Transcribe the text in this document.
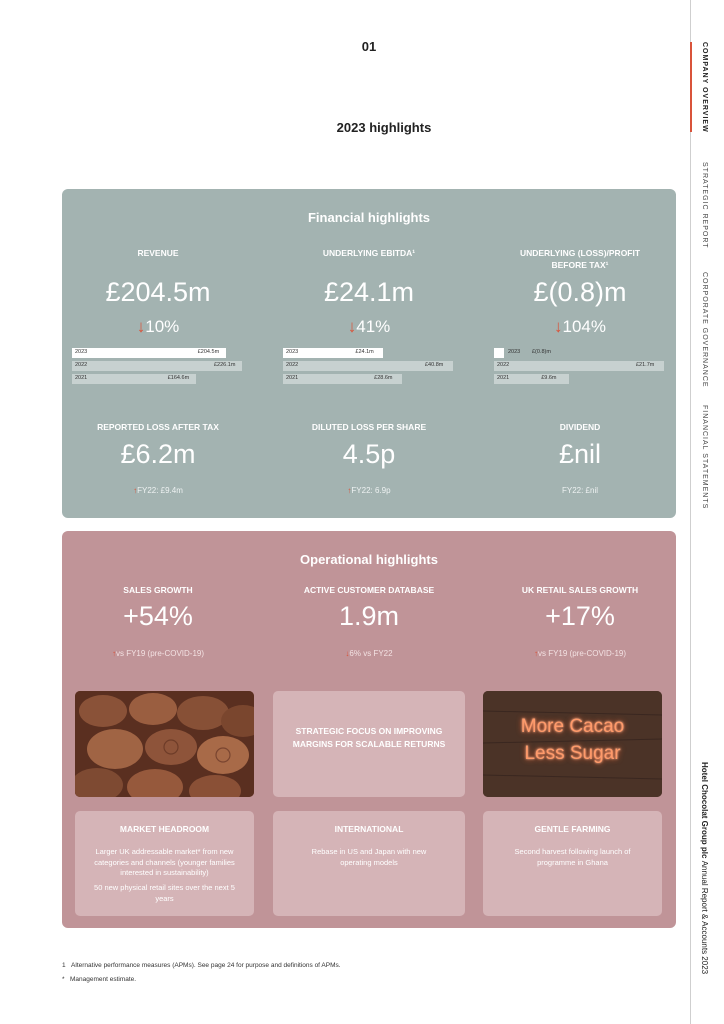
01
2023 highlights	COMPANY OVERVIEW
STRATEGIC REPORT
CORPORATE GOVERNANCE
FINANCIAL STATEMENTS
Hotel Chocolat Group plc Annual Report & Accounts 2023
Financial highlights
REVENUE
£204.5m
↓10%
2023	£204.5m
2022	£226.1m
2021	£164.6m
UNDERLYING EBITDA¹
£24.1m
↓41%
2023	£24.1m
2022	£40.8m
2021	£28.6m
UNDERLYING (LOSS)/PROFIT
BEFORE TAX¹
£(0.8)m
↓104%
2023 £(0.8)m
2022	£21.7m
2021	£9.6m
REPORTED LOSS AFTER TAX
£6.2m
↑FY22: £9.4m
DILUTED LOSS PER SHARE
4.5p
↑FY22: 6.9p
DIVIDEND
£nil
FY22: £nil
Operational highlights
SALES GROWTH
+54%
↑vs FY19 (pre-COVID-19)
ACTIVE CUSTOMER DATABASE
1.9m
↓6% vs FY22
UK RETAIL SALES GROWTH
+17%
↑vs FY19 (pre-COVID-19)
STRATEGIC FOCUS ON IMPROVING MARGINS FOR SCALABLE RETURNS
More Cacao
Less Sugar
MARKET HEADROOM
Larger UK addressable market* from new categories and channels (younger families interested in sustainability)
50 new physical retail sites over the next 5 years
INTERNATIONAL
Rebase in US and Japan with new operating models
GENTLE FARMING
Second harvest following launch of programme in Ghana
1 Alternative performance measures (APMs). See page 24 for purpose and definitions of APMs.
* Management estimate.
